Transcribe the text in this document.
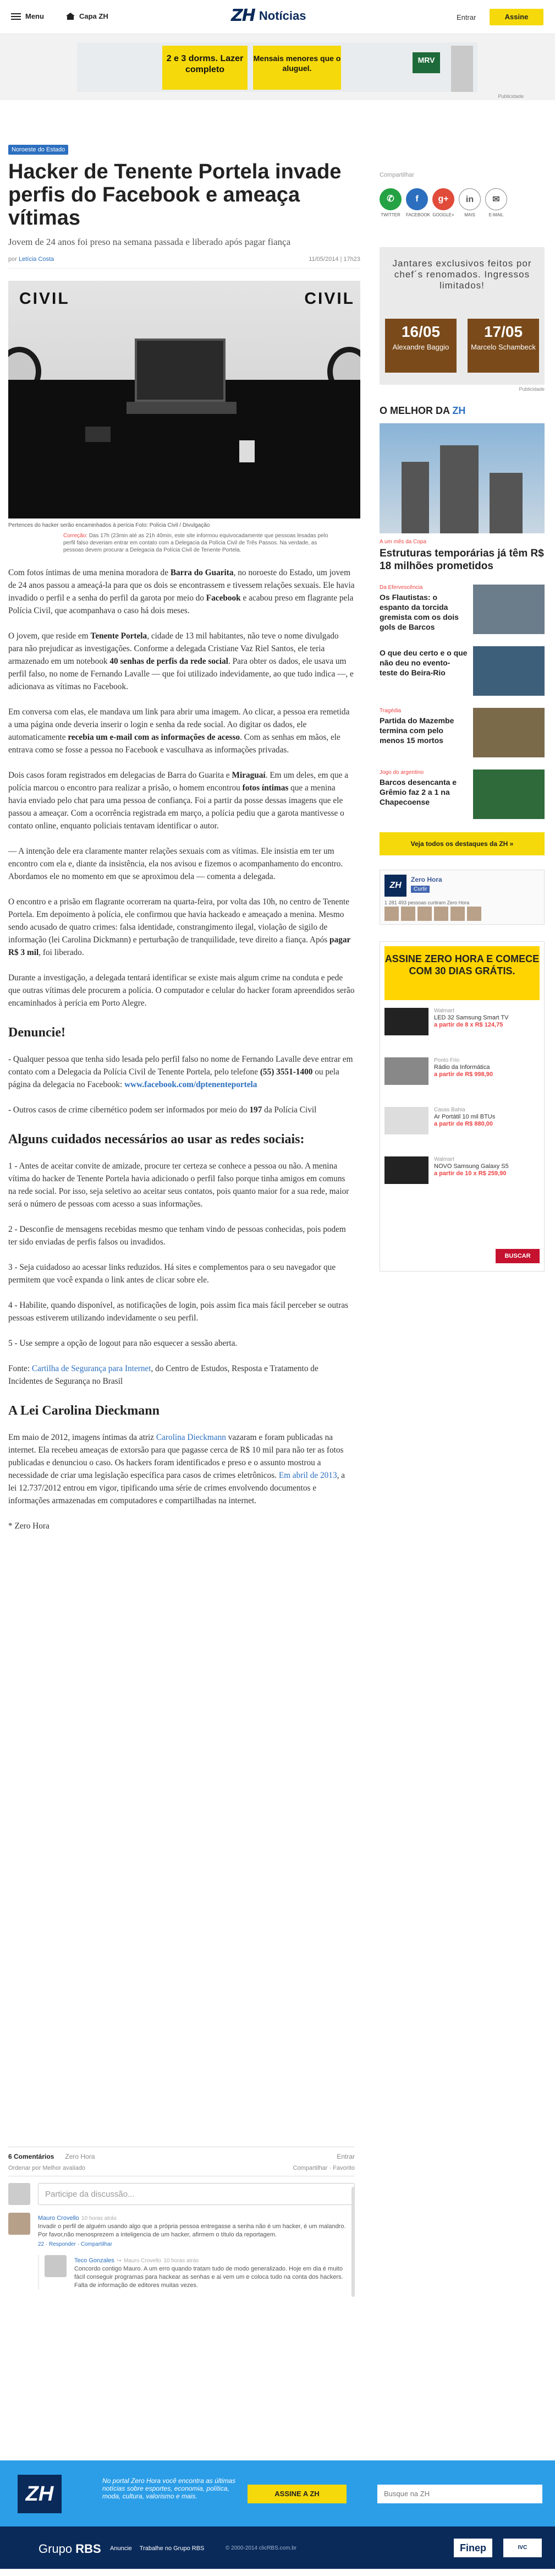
Menu	Capa ZH	ZH Notícias	Entrar	Assine
2 e 3 dorms. Lazer completo
Mensais menores que o aluguel.
MRV
Publicidade
Noroeste do Estado
Hacker de Tenente Portela invade perfis do Facebook e ameaça vítimas

Jovem de 24 anos foi preso na semana passada e liberado após pagar fiança

por Letícia Costa	11/05/2014 | 17h23
CIVIL	CIVIL

Pertences do hacker serão encaminhados à perícia Foto: Polícia Civil / Divulgação

Correção: Das 17h (23min até as 21h 40min, este site informou equivocadamente que pessoas lesadas pelo perfil falso deveriam entrar em contato com a Delegacia da Polícia Civil de Três Passos. Na verdade, as pessoas devem procurar a Delegacia da Polícia Civil de Tenente Portela.

Com fotos íntimas de uma menina moradora de Barra do Guarita, no noroeste do Estado, um jovem de 24 anos passou a ameaçá-la para que os dois se encontrassem e tivessem relações sexuais. Ele havia invadido o perfil e a senha do perfil da garota por meio do Facebook e acabou preso em flagrante pela Polícia Civil, que acompanhava o caso há dois meses.

O jovem, que reside em Tenente Portela, cidade de 13 mil habitantes, não teve o nome divulgado para não prejudicar as investigações. Conforme a delegada Cristiane Vaz Riel Santos, ele teria armazenado em um notebook 40 senhas de perfis da rede social. Para obter os dados, ele usava um perfil falso, no nome de Fernando Lavalle — que foi utilizado indevidamente, ao que tudo indica —, e adicionava as vítimas no Facebook.

Em conversa com elas, ele mandava um link para abrir uma imagem. Ao clicar, a pessoa era remetida a uma página onde deveria inserir o login e senha da rede social. Ao digitar os dados, ele automaticamente recebia um e-mail com as informações de acesso. Com as senhas em mãos, ele entrava como se fosse a pessoa no Facebook e vasculhava as informações privadas.

Dois casos foram registrados em delegacias de Barra do Guarita e Miraguaí. Em um deles, em que a polícia marcou o encontro para realizar a prisão, o homem encontrou fotos íntimas que a menina havia enviado pelo chat para uma pessoa de confiança. Foi a partir da posse dessas imagens que ele passou a ameaçar. Com a ocorrência registrada em março, a polícia pediu que a garota mantivesse o contato online, enquanto policiais tentavam identificar o autor.

— A intenção dele era claramente manter relações sexuais com as vítimas. Ele insistia em ter um encontro com ela e, diante da insistência, ela nos avisou e fizemos o acompanhamento do encontro. Abordamos ele no momento em que se aproximou dela — comenta a delegada.

O encontro e a prisão em flagrante ocorreram na quarta-feira, por volta das 10h, no centro de Tenente Portela. Em depoimento à polícia, ele confirmou que havia hackeado e ameaçado a menina. Mesmo sendo acusado de quatro crimes: falsa identidade, constrangimento ilegal, violação de sigilo de informação (lei Carolina Dickmann) e perturbação de tranquilidade, teve direito a fiança. Após pagar R$ 3 mil, foi liberado.

Durante a investigação, a delegada tentará identificar se existe mais algum crime na conduta e pede que outras vítimas dele procurem a polícia. O computador e celular do hacker foram apreendidos serão encaminhados à perícia em Porto Alegre.

Denuncie!

- Qualquer pessoa que tenha sido lesada pelo perfil falso no nome de Fernando Lavalle deve entrar em contato com a Delegacia da Polícia Civil de Tenente Portela, pelo telefone (55) 3551-1400 ou pela página da delegacia no Facebook: www.facebook.com/dptenenteportela

- Outros casos de crime cibernético podem ser informados por meio do 197 da Polícia Civil

Alguns cuidados necessários ao usar as redes sociais:

1 - Antes de aceitar convite de amizade, procure ter certeza se conhece a pessoa ou não. A menina vítima do hacker de Tenente Portela havia adicionado o perfil falso porque tinha amigos em comuns na rede social. Por isso, seja seletivo ao aceitar seus contatos, pois quanto maior for a sua rede, maior será o número de pessoas com acesso a suas informações.

2 - Desconfie de mensagens recebidas mesmo que tenham vindo de pessoas conhecidas, pois podem ter sido enviadas de perfis falsos ou invadidos.

3 - Seja cuidadoso ao acessar links reduzidos. Há sites e complementos para o seu navegador que permitem que você expanda o link antes de clicar sobre ele.

4 - Habilite, quando disponível, as notificações de login, pois assim fica mais fácil perceber se outras pessoas estiverem utilizando indevidamente o seu perfil.

5 - Use sempre a opção de logout para não esquecer a sessão aberta.

Fonte: Cartilha de Segurança para Internet, do Centro de Estudos, Resposta e Tratamento de Incidentes de Segurança no Brasil

A Lei Carolina Dieckmann

Em maio de 2012, imagens íntimas da atriz Carolina Dieckmann vazaram e foram publicadas na internet. Ela recebeu ameaças de extorsão para que pagasse cerca de R$ 10 mil para não ter as fotos publicadas e denunciou o caso. Os hackers foram identificados e preso e o assunto mostrou a necessidade de criar uma legislação específica para casos de crimes eletrônicos. Em abril de 2013, a lei 12.737/2012 entrou em vigor, tipificando uma série de crimes envolvendo documentos e informações armazenadas em computadores e compartilhadas na internet.

* Zero Hora

6 Comentários Zero Hora	Entrar
Ordenar por Melhor avaliado	Compartilhar · Favorito
Participe da discussão...
Mauro Crovello 10 horas atrás
Invadir o perfil de alguém usando algo que a própria pessoa entregasse a senha não é um hacker, é um malandro. Por favor,não menosprezem a inteligencia de um hacker, afirmem o título da reportagem.
22 · Responder · Compartilhar
Teco Gonzales ↪ Mauro Crovello 10 horas atrás
Concordo contigo Mauro. A um erro quando tratam tudo de modo generalizado. Hoje em dia é muito fácil conseguir programas para hackear as senhas e ai vem um e coloca tudo na conta dos hackers. Falta de informação de editores muitas vezes.
Compartilhar
✆
TWITTER
f
FACEBOOK
g+
GOOGLE+
in
MAIS
✉
E-MAIL
Jantares exclusivos feitos por chef´s renomados. Ingressos limitados!
16/05
Alexandre Baggio
17/05
Marcelo Schambeck
Publicidade
O MELHOR DA ZH
A um mês da Copa
Estruturas temporárias já têm R$ 18 milhões prometidos
Da Efervescência
Os Flautistas: o espanto da torcida gremista com os dois gols de Barcos
O que deu certo e o que não deu no evento-teste do Beira-Rio
Tragédia
Partida do Mazembe termina com pelo menos 15 mortos
Jogo do argentino
Barcos desencanta e Grêmio faz 2 a 1 na Chapecoense
Veja todos os destaques da ZH »
ZH
Zero Hora
Curtir
1 281 493 pessoas curtiram Zero Hora
ASSINE ZERO HORA E COMECE COM 30 DIAS GRÁTIS.
Walmart
LED 32 Samsung Smart TV
a partir de 8 x R$ 124,75
Ponto Frio
Rádio da Informática
a partir de R$ 998,90
Casas Bahia
Ar Portátil 10 mil BTUs
a partir de R$ 880,00
Walmart
NOVO Samsung Galaxy S5
a partir de 10 x R$ 259,90
BUSCAR
ZH
No portal Zero Hora você encontra as últimas notícias sobre esportes, economia, política, moda, cultura, valorismo e mais.	ASSINE A ZH	Busque na ZH
Grupo RBS Anuncie Trabalhe no Grupo RBS	© 2000-2014 clicRBS.com.br	Finep	IVC AUDITADO
